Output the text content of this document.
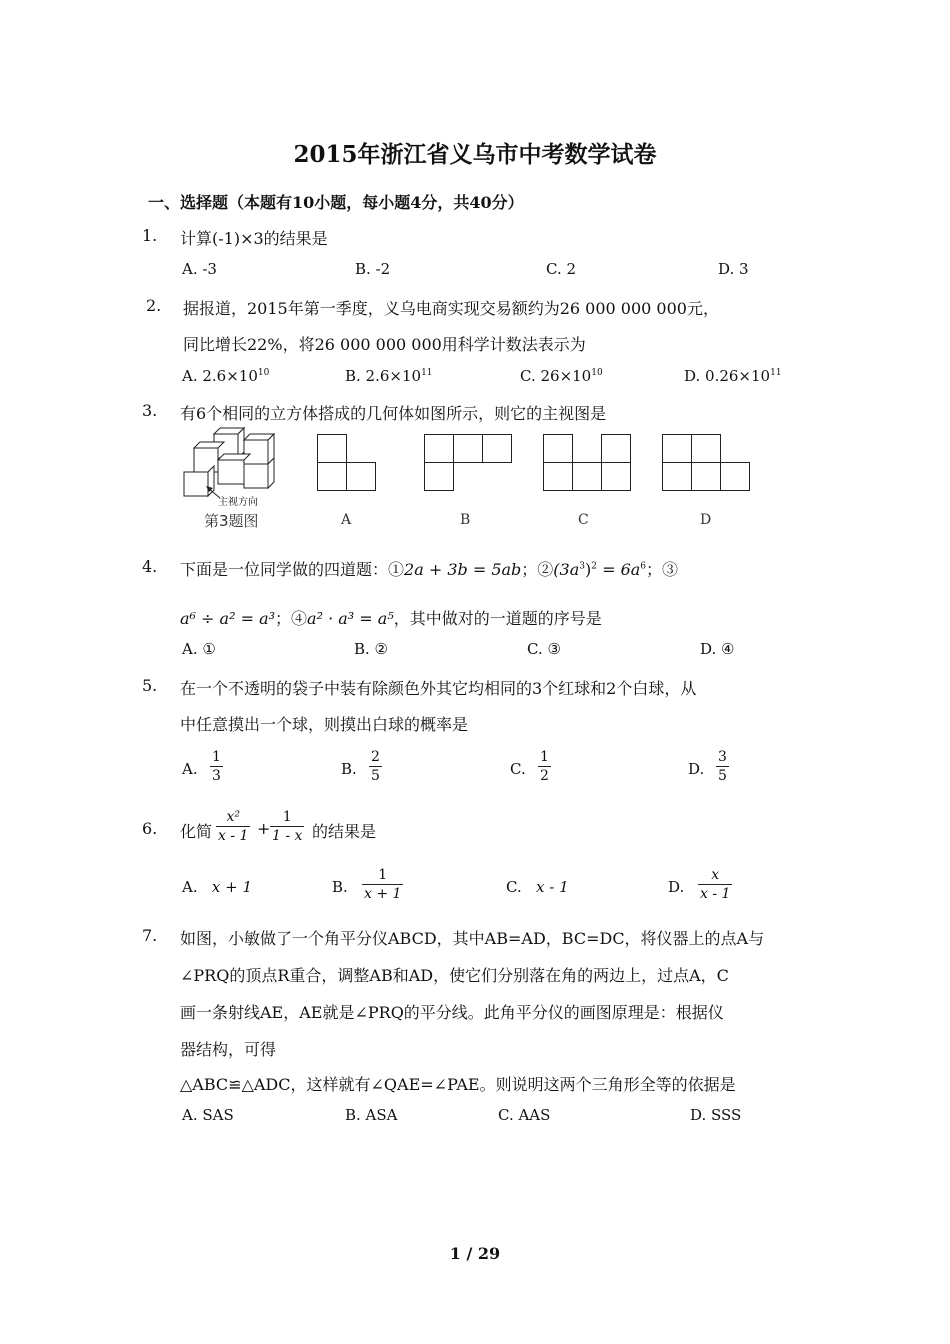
2015年浙江省义乌市中考数学试卷
一、选择题（本题有10小题，每小题4分，共40分）
1. 计算(-1)×3的结果是
A. -3	B. -2	C. 2	D. 3
2. 据报道，2015年第一季度，义乌电商实现交易额约为26 000 000 000元，
同比增长22%，将26 000 000 000用科学计数法表示为
A. $2.6\times 10^{10}$	B. $2.6\times 10^{11}$	C. $26\times 10^{10}$	D. $0.26\times 10^{11}$
3. 有6个相同的立方体搭成的几何体如图所示，则它的主视图是
主视方向
第3题图	A	B	C	D
4. 下面是一位同学做的四道题：①2a + 3b = 5ab；$②(3a^3)^2 = 6a^6$；③
a⁶ ÷ a² = a³；④a² · a³ = a⁵，其中做对的一道题的序号是
A. ①	B. ②	C. ③	D. ④
5. 在一个不透明的袋子中装有除颜色外其它均相同的3个红球和2个白球，从
中任意摸出一个球，则摸出白球的概率是
A.
1
3	B.
2
5	C.
1
2	D.
3
5
6. 化简
x²
x - 1 +
1
1 - x 的结果是
A. x + 1	B.
1
x + 1	C. x - 1	D.
x
x - 1
7. 如图，小敏做了一个角平分仪ABCD，其中AB=AD，BC=DC，将仪器上的点A与
∠PRQ的顶点R重合，调整AB和AD，使它们分别落在角的两边上，过点A，C
画一条射线AE，AE就是∠PRQ的平分线。此角平分仪的画图原理是：根据仪
器结构，可得
△ABC≌△ADC，这样就有∠QAE=∠PAE。则说明这两个三角形全等的依据是
A. SAS	B. ASA	C. AAS	D. SSS
1 / 29
